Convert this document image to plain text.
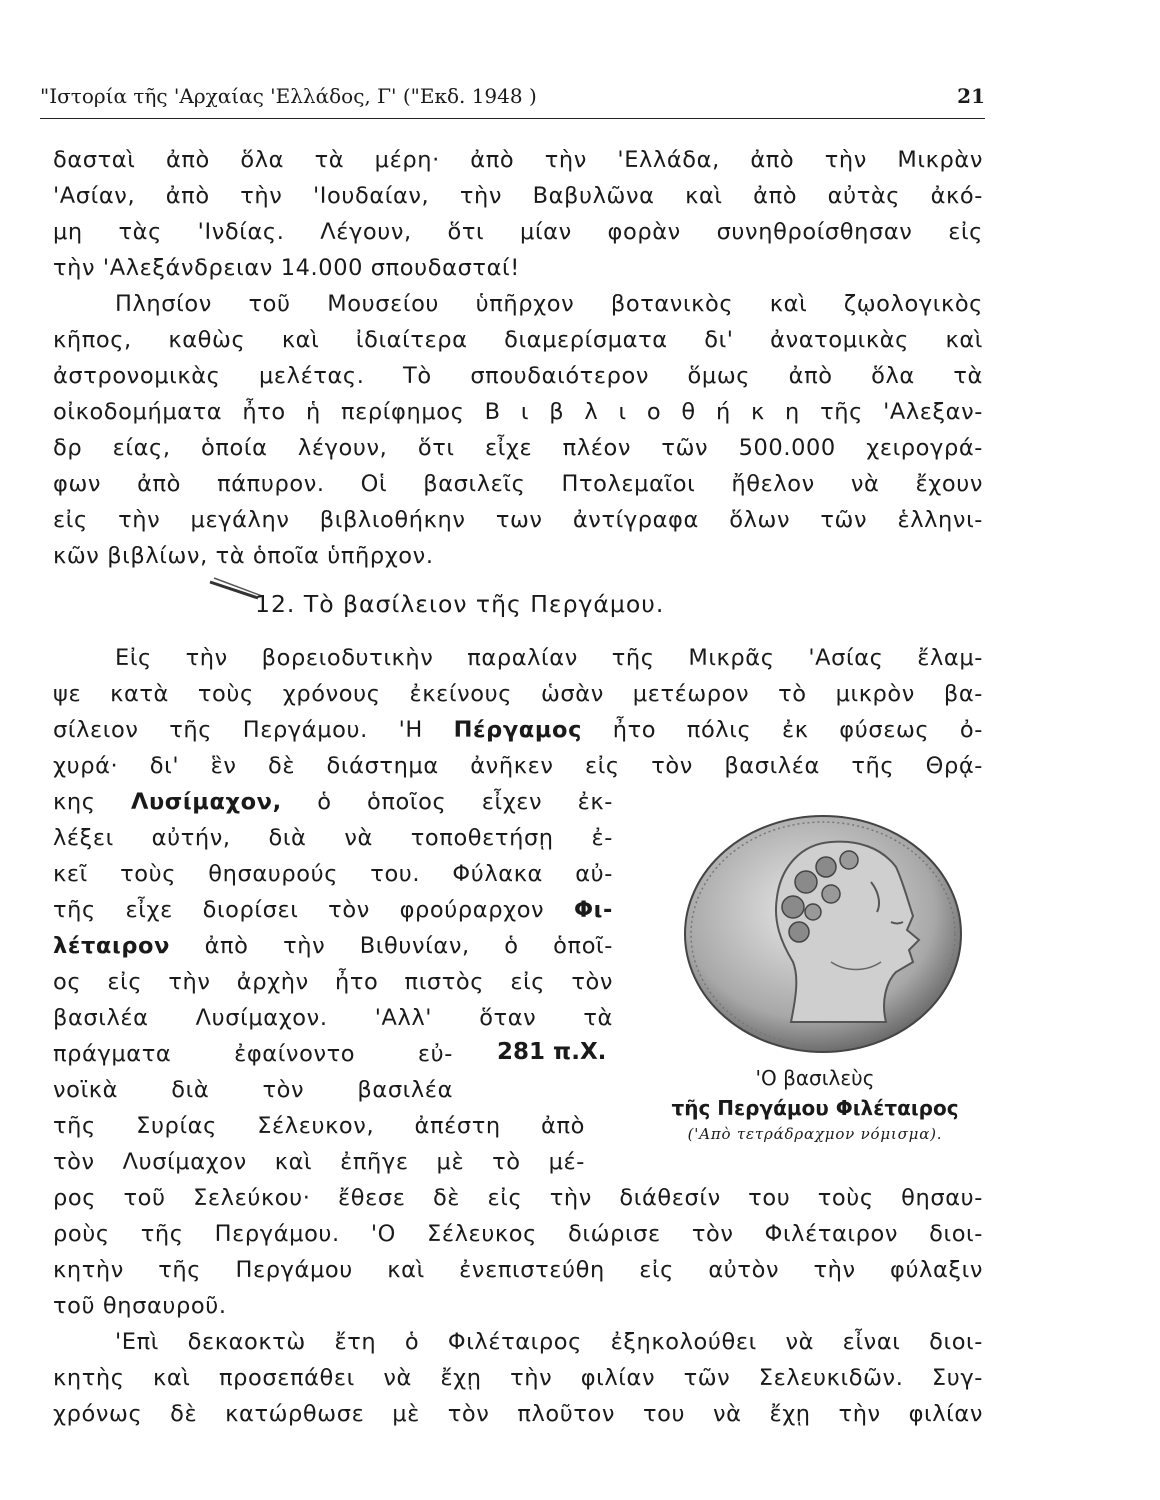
"Ιστορία τῆς 'Αρχαίας 'Ελλάδος, Γ' ("Εκδ. 1948 )	21
δασταὶ ἀπὸ ὅλα τὰ μέρη· ἀπὸ τὴν 'Ελλάδα, ἀπὸ τὴν Μικρὰν
'Ασίαν, ἀπὸ τὴν 'Ιουδαίαν, τὴν Βαβυλῶνα καὶ ἀπὸ αὐτὰς ἀκό-
μη τὰς 'Ινδίας. Λέγουν, ὅτι μίαν φορὰν συνηθροίσθησαν εἰς
τὴν 'Αλεξάνδρειαν 14.000 σπουδασταί!
Πλησίον τοῦ Μουσείου ὑπῆρχον βοτανικὸς καὶ ζῳολογικὸς
κῆπος, καθὼς καὶ ἰδιαίτερα διαμερίσματα δι' ἀνατομικὰς καὶ
ἀστρονομικὰς μελέτας. Τὸ σπουδαιότερον ὅμως ἀπὸ ὅλα τὰ
οἰκοδομήματα ἦτο ἡ περίφημος Β ι β λ ι ο θ ή κ η τῆς 'Αλεξαν-
δρ είας, ὁποία λέγουν, ὅτι εἶχε πλέον τῶν 500.000 χειρογρά-
φων ἀπὸ πάπυρον. Οἱ βασιλεῖς Πτολεμαῖοι ἤθελον νὰ ἔχουν
εἰς τὴν μεγάλην βιβλιοθήκην των ἀντίγραφα ὅλων τῶν ἑλληνι-
κῶν βιβλίων, τὰ ὁποῖα ὑπῆρχον.
12. Τὸ βασίλειον τῆς Περγάμου.
Εἰς τὴν βορειοδυτικὴν παραλίαν τῆς Μικρᾶς 'Ασίας ἔλαμ-
ψε κατὰ τοὺς χρόνους ἐκείνους ὡσὰν μετέωρον τὸ μικρὸν βα-
σίλειον τῆς Περγάμου. 'Η Πέργαμος ἦτο πόλις ἐκ φύσεως ὀ-
χυρά· δι' ἓν δὲ διάστημα ἀνῆκεν εἰς τὸν βασιλέα τῆς Θρᾴ-
κης Λυσίμαχον, ὁ ὁποῖος εἶχεν ἐκ-
λέξει αὐτήν, διὰ νὰ τοποθετήσῃ ἐ-
κεῖ τοὺς θησαυρούς του. Φύλακα αὐ-
τῆς εἶχε διορίσει τὸν φρούραρχον Φι-
λέταιρον ἀπὸ τὴν Βιθυνίαν, ὁ ὁποῖ-
ος εἰς τὴν ἀρχὴν ἦτο πιστὸς εἰς τὸν
βασιλέα Λυσίμαχον. 'Αλλ' ὅταν τὰ
πράγματα ἐφαίνοντο εὐ-
νοϊκὰ διὰ τὸν βασιλέα
τῆς Συρίας Σέλευκον, ἀπέστη ἀπὸ
τὸν Λυσίμαχον καὶ ἐπῆγε μὲ τὸ μέ-
281 π.Χ.
'Ο βασιλεὺς
τῆς Περγάμου Φιλέταιρος
('Απὸ τετράδραχμον νόμισμα).
ρος τοῦ Σελεύκου· ἔθεσε δὲ εἰς τὴν διάθεσίν του τοὺς θησαυ-
ροὺς τῆς Περγάμου. 'Ο Σέλευκος διώρισε τὸν Φιλέταιρον διοι-
κητὴν τῆς Περγάμου καὶ ἐνεπιστεύθη εἰς αὐτὸν τὴν φύλαξιν
τοῦ θησαυροῦ.
'Επὶ δεκαοκτὼ ἔτη ὁ Φιλέταιρος ἐξηκολούθει νὰ εἶναι διοι-
κητὴς καὶ προσεπάθει νὰ ἔχῃ τὴν φιλίαν τῶν Σελευκιδῶν. Συγ-
χρόνως δὲ κατώρθωσε μὲ τὸν πλοῦτον του νὰ ἔχῃ τὴν φιλίαν
